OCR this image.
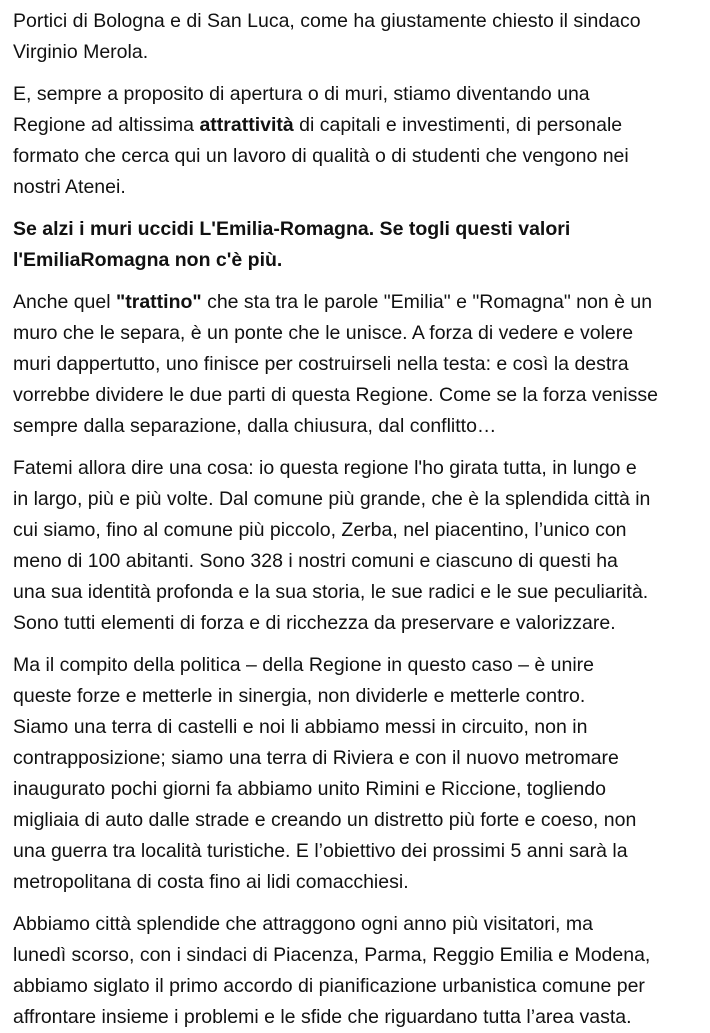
Portici di Bologna e di San Luca, come ha giustamente chiesto il sindaco
Virginio Merola.

E, sempre a proposito di apertura o di muri, stiamo diventando una
Regione ad altissima attrattività di capitali e investimenti, di personale
formato che cerca qui un lavoro di qualità o di studenti che vengono nei
nostri Atenei.

Se alzi i muri uccidi L'Emilia-Romagna. Se togli questi valori
l'EmiliaRomagna non c'è più.

Anche quel "trattino" che sta tra le parole "Emilia" e "Romagna" non è un
muro che le separa, è un ponte che le unisce. A forza di vedere e volere
muri dappertutto, uno finisce per costruirseli nella testa: e così la destra
vorrebbe dividere le due parti di questa Regione. Come se la forza venisse
sempre dalla separazione, dalla chiusura, dal conflitto…

Fatemi allora dire una cosa: io questa regione l'ho girata tutta, in lungo e
in largo, più e più volte. Dal comune più grande, che è la splendida città in
cui siamo, fino al comune più piccolo, Zerba, nel piacentino, l’unico con
meno di 100 abitanti. Sono 328 i nostri comuni e ciascuno di questi ha
una sua identità profonda e la sua storia, le sue radici e le sue peculiarità.
Sono tutti elementi di forza e di ricchezza da preservare e valorizzare.

Ma il compito della politica – della Regione in questo caso – è unire
queste forze e metterle in sinergia, non dividerle e metterle contro.
Siamo una terra di castelli e noi li abbiamo messi in circuito, non in
contrapposizione; siamo una terra di Riviera e con il nuovo metromare
inaugurato pochi giorni fa abbiamo unito Rimini e Riccione, togliendo
migliaia di auto dalle strade e creando un distretto più forte e coeso, non
una guerra tra località turistiche. E l’obiettivo dei prossimi 5 anni sarà la
metropolitana di costa fino ai lidi comacchiesi.

Abbiamo città splendide che attraggono ogni anno più visitatori, ma
lunedì scorso, con i sindaci di Piacenza, Parma, Reggio Emilia e Modena,
abbiamo siglato il primo accordo di pianificazione urbanistica comune per
affrontare insieme i problemi e le sfide che riguardano tutta l’area vasta.
